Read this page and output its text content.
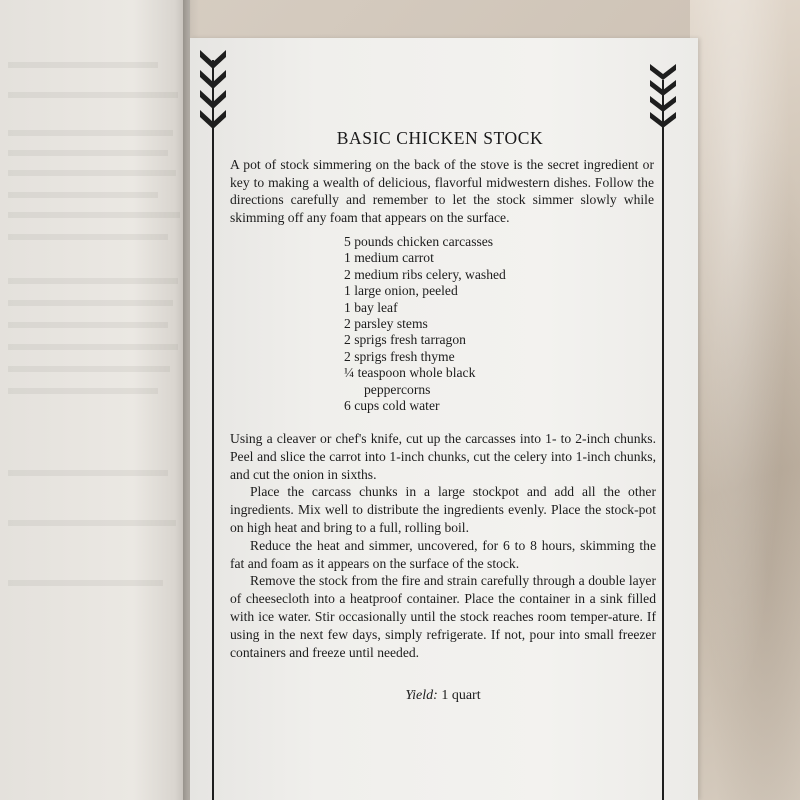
BASIC CHICKEN STOCK

A pot of stock simmering on the back of the stove is the secret ingredient or key to making a wealth of delicious, flavorful midwestern dishes. Follow the directions carefully and remember to let the stock simmer slowly while skimming off any foam that appears on the surface.

5 pounds chicken carcasses
1 medium carrot
2 medium ribs celery, washed
1 large onion, peeled
1 bay leaf
2 parsley stems
2 sprigs fresh tarragon
2 sprigs fresh thyme
¼ teaspoon whole black
peppercorns
6 cups cold water

Using a cleaver or chef's knife, cut up the carcasses into 1- to 2-inch chunks. Peel and slice the carrot into 1-inch chunks, cut the celery into 1-inch chunks, and cut the onion in sixths.

Place the carcass chunks in a large stockpot and add all the other ingredients. Mix well to distribute the ingredients evenly. Place the stock-pot on high heat and bring to a full, rolling boil.

Reduce the heat and simmer, uncovered, for 6 to 8 hours, skimming the fat and foam as it appears on the surface of the stock.

Remove the stock from the fire and strain carefully through a double layer of cheesecloth into a heatproof container. Place the container in a sink filled with ice water. Stir occasionally until the stock reaches room temper-ature. If using in the next few days, simply refrigerate. If not, pour into small freezer containers and freeze until needed.

Yield: 1 quart
